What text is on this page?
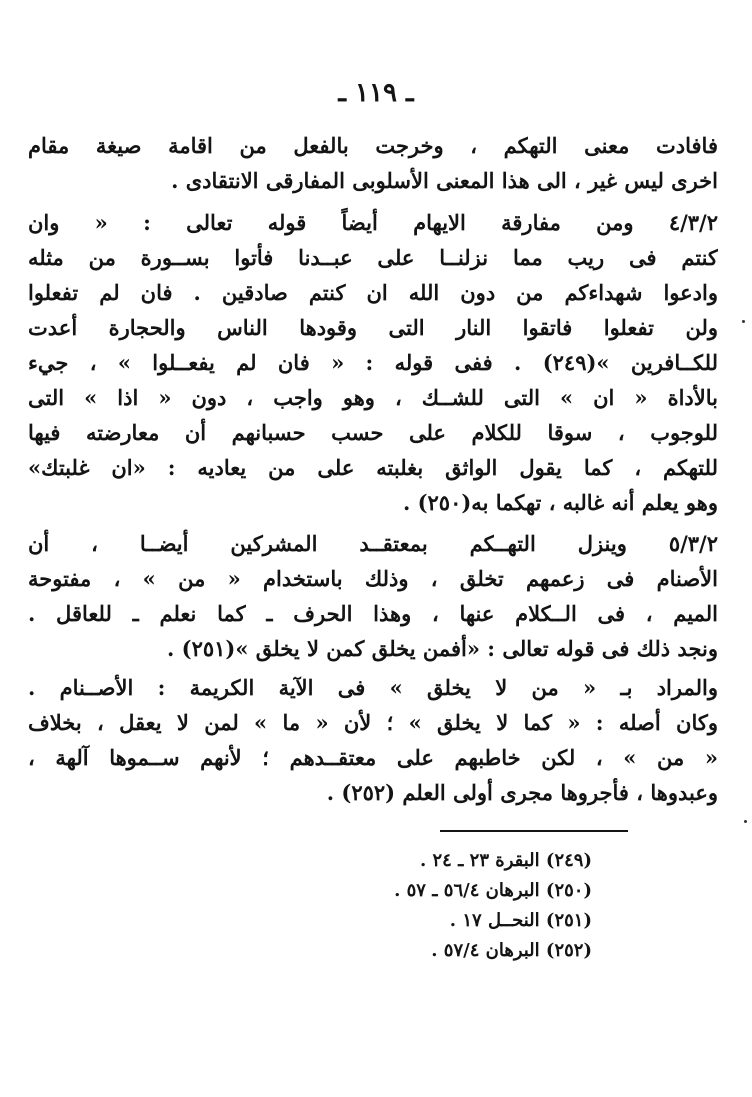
ـ ١١٩ ـ
فافادت معنى التهكم ، وخرجت بالفعل من اقامة صيغة مقام
اخرى ليس غير ، الى هذا المعنى الأسلوبى المفارقى الانتقادى .
٤/٣/٢ ومن مفارقة الايهام أيضاً قوله تعالى : « وان
كنتم فى ريب مما نزلنــا على عبــدنا فأتوا بســورة من مثله
وادعوا شهداءكم من دون الله ان كنتم صادقين . فان لم تفعلوا
ولن تفعلوا فاتقوا النار التى وقودها الناس والحجارة أعدت
للكــافرين »(٢٤٩) . ففى قوله : « فان لم يفعــلوا » ، جيء
بالأداة « ان » التى للشــك ، وهو واجب ، دون « اذا » التى
للوجوب ، سوقا للكلام على حسب حسبانهم أن معارضته فيها
للتهكم ، كما يقول الواثق بغلبته على من يعاديه : «ان غلبتك»
وهو يعلم أنه غالبه ، تهكما به(٢٥٠) .
٥/٣/٢ وينزل التهــكم بمعتقــد المشركين أيضــا ، أن
الأصنام فى زعمهم تخلق ، وذلك باستخدام « من » ، مفتوحة
الميم ، فى الــكلام عنها ، وهذا الحرف ـ كما نعلم ـ للعاقل .
ونجد ذلك فى قوله تعالى : «أفمن يخلق كمن لا يخلق »(٢٥١) .
والمراد بـ « من لا يخلق » فى الآية الكريمة : الأصــنام .
وكان أصله : « كما لا يخلق » ؛ لأن « ما » لمن لا يعقل ، بخلاف
« من » ، لكن خاطبهم على معتقــدهم ؛ لأنهم ســموها آلهة ،
وعبدوها ، فأجروها مجرى أولى العلم (٢٥٢) .
(٢٤٩) البقرة ٢٣ ـ ٢٤ .
(٢٥٠) البرهان ٥٦/٤ ـ ٥٧ .
(٢٥١) النحــل ١٧ .
(٢٥٢) البرهان ٥٧/٤ .
